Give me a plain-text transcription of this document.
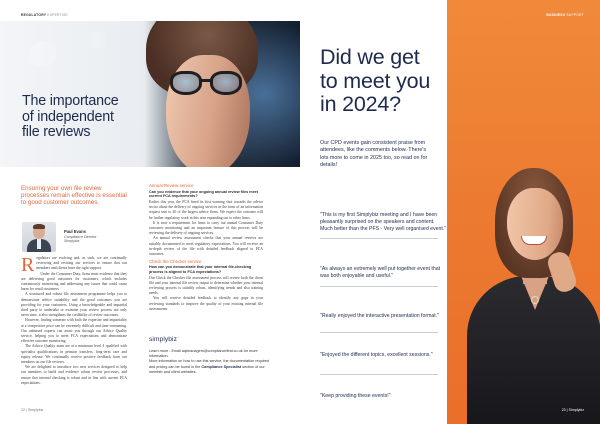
REGULATORY EXPERTISE
The importance of independent file reviews
Ensuring your own file review processes remain effective is essential to good customer outcomes.
Paul Evans
Compliance Director
Simplybiz
R egulators are evolving and, as such, we are continually reviewing and revising our services to ensure that our members and clients have the right support.

Under the Consumer Duty, firms must evidence that they are delivering good outcomes for customers, which includes continuously monitoring and addressing any issues that could cause harm for retail customers.

A structured and robust file assessment programme helps you to demonstrate advice suitability and the good outcomes you are providing for your customers. Using a knowledgeable and impartial third party to undertake or examine your review process not only saves time, it also strengthens the credibility of review outcomes.

However, finding someone with both the expertise and impartiality at a competitive price can be extremely difficult and time-consuming. Our unbiased experts can assist you through our Advice Quality service, helping you to meet FCA expectations and demonstrate effective outcome monitoring.

The Advice Quality team are at a minimum level 4 qualified with specialist qualifications in pension transfers, long-term care and equity release. We continually receive positive feedback from our members on our file reviews.

We are delighted to introduce two new services designed to help our members to build and evidence robust review processes, and ensure that internal checking is robust and in line with current FCA expectations.

Annual Review service
Can you evidence that your ongoing annual review files meet current FCA requirements?

Earlier this year, the FCA fined its first warning shot towards the advice sector about the delivery of ongoing services in the form of an information request sent to 20 of the largest advice firms. We expect the outcome will be further regulatory work in this area expanding out to other firms.

It is now a requirement for firms to carry out annual Consumer Duty outcomes monitoring and an important feature of this process will be reviewing the delivery of ongoing services.

An annual review assessment checks that your annual reviews are suitably documented to meet regulatory expectations. You will receive an in-depth review of the file with detailed feedback aligned to FCA outcomes.

Check the Checker service
How can you demonstrate that your internal file-checking process is aligned to FCA expectations?

Our Check the Checker file assessment process will review both the client file and your internal file review output to determine whether your internal reviewing process is suitably robust, identifying trends and also training needs.

You will receive detailed feedback to identify any gaps in your reviewing standards to improve the quality of your existing internal file assessments.

simplybiz⌃
Learn more - Email aqtmanagers@compliancefirst.co.uk for more information.
More information on how to use this service, the documentation required and pricing can be found in the Compliance Specialist section of our member and client websites.
22 | Simplybiz
BUSINESS SUPPORT
Did we get to meet you in 2024?
Our CPD events gain consistent praise from attendees, like the comments below. There's lots more to come in 2025 too, so read on for details!
"This is my first Simplybiz meeting and I have been pleasantly surprised on the speakers and content. Much better than the PFS - Very well organised event."
"As always an extremely well put together event that was both enjoyable and useful."
"Really enjoyed the interactive presentation format."
"Enjoyed the different topics, excellent sessions."
"Keep providing these events!"
23 | Simplybiz
